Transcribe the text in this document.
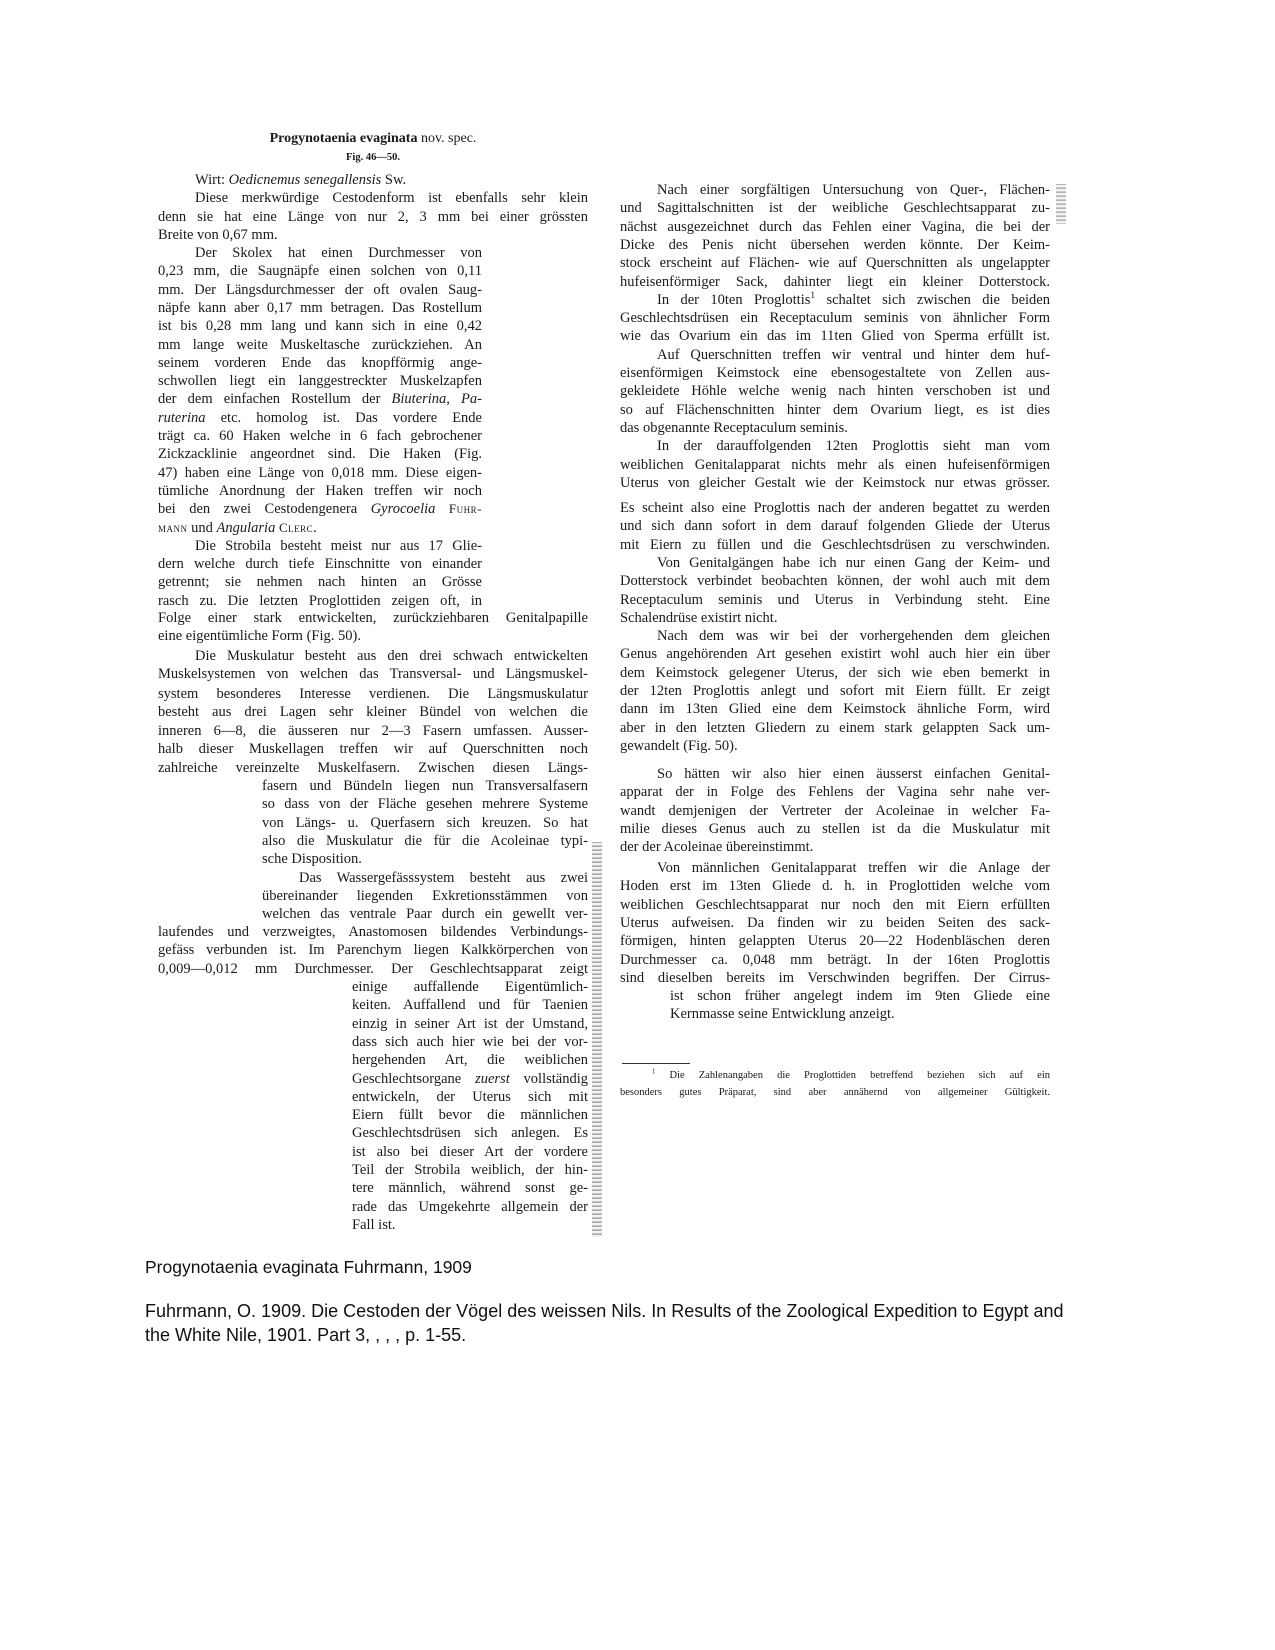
Progynotaenia evaginata nov. spec.
Fig. 46—50.
Wirt: Oedicnemus senegallensis Sw.
Diese merkwürdige Cestodenform ist ebenfalls sehr klein
denn sie hat eine Länge von nur 2, 3 mm bei einer grössten
Breite von 0,67 mm.
Der Skolex hat einen Durchmesser von
0,23 mm, die Saugnäpfe einen solchen von 0,11
mm. Der Längsdurchmesser der oft ovalen Saug-
näpfe kann aber 0,17 mm betragen. Das Rostellum
ist bis 0,28 mm lang und kann sich in eine 0,42
mm lange weite Muskeltasche zurückziehen. An
seinem vorderen Ende das knopfförmig ange-
schwollen liegt ein langgestreckter Muskelzapfen
der dem einfachen Rostellum der Biuterina, Pa-
ruterina etc. homolog ist. Das vordere Ende
trägt ca. 60 Haken welche in 6 fach gebrochener
Zickzacklinie angeordnet sind. Die Haken (Fig.
47) haben eine Länge von 0,018 mm. Diese eigen-
tümliche Anordnung der Haken treffen wir noch
bei den zwei Cestodengenera Gyrocoelia Fuhr-
mann und Angularia Clerc.
Die Strobila besteht meist nur aus 17 Glie-
dern welche durch tiefe Einschnitte von einander
getrennt; sie nehmen nach hinten an Grösse
rasch zu. Die letzten Proglottiden zeigen oft, in
Folge einer stark entwickelten, zurückziehbaren Genitalpapille
eine eigentümliche Form (Fig. 50).
Die Muskulatur besteht aus den drei schwach entwickelten
Muskelsystemen von welchen das Transversal- und Längsmuskel-
system besonderes Interesse verdienen. Die Längsmuskulatur
besteht aus drei Lagen sehr kleiner Bündel von welchen die
inneren 6—8, die äusseren nur 2—3 Fasern umfassen. Ausser-
halb dieser Muskellagen treffen wir auf Querschnitten noch
zahlreiche vereinzelte Muskelfasern. Zwischen diesen Längs-
fasern und Bündeln liegen nun Transversalfasern
so dass von der Fläche gesehen mehrere Systeme
von Längs- u. Querfasern sich kreuzen. So hat
also die Muskulatur die für die Acoleinae typi-
sche Disposition.
Das Wassergefässsystem besteht aus zwei
übereinander liegenden Exkretionsstämmen von
welchen das ventrale Paar durch ein gewellt ver-
laufendes und verzweigtes, Anastomosen bildendes Verbindungs-
gefäss verbunden ist. Im Parenchym liegen Kalkkörperchen von
0,009—0,012 mm Durchmesser. Der Geschlechtsapparat zeigt
einige auffallende Eigentümlich-
keiten. Auffallend und für Taenien
einzig in seiner Art ist der Umstand,
dass sich auch hier wie bei der vor-
hergehenden Art, die weiblichen
Geschlechtsorgane zuerst vollständig
entwickeln, der Uterus sich mit
Eiern füllt bevor die männlichen
Geschlechtsdrüsen sich anlegen. Es
ist also bei dieser Art der vordere
Teil der Strobila weiblich, der hin-
tere männlich, während sonst ge-
rade das Umgekehrte allgemein der
Fall ist.
Nach einer sorgfältigen Untersuchung von Quer-, Flächen-
und Sagittalschnitten ist der weibliche Geschlechtsapparat zu-
nächst ausgezeichnet durch das Fehlen einer Vagina, die bei der
Dicke des Penis nicht übersehen werden könnte. Der Keim-
stock erscheint auf Flächen- wie auf Querschnitten als ungelappter
hufeisenförmiger Sack, dahinter liegt ein kleiner Dotterstock.
In der 10ten Proglottis$^1$ schaltet sich zwischen die beiden
Geschlechtsdrüsen ein Receptaculum seminis von ähnlicher Form
wie das Ovarium ein das im 11ten Glied von Sperma erfüllt ist.
Auf Querschnitten treffen wir ventral und hinter dem huf-
eisenförmigen Keimstock eine ebensogestaltete von Zellen aus-
gekleidete Höhle welche wenig nach hinten verschoben ist und
so auf Flächenschnitten hinter dem Ovarium liegt, es ist dies
das obgenannte Receptaculum seminis.
In der darauffolgenden 12ten Proglottis sieht man vom
weiblichen Genitalapparat nichts mehr als einen hufeisenförmigen
Uterus von gleicher Gestalt wie der Keimstock nur etwas grösser.
Es scheint also eine Proglottis nach der anderen begattet zu werden
und sich dann sofort in dem darauf folgenden Gliede der Uterus
mit Eiern zu füllen und die Geschlechtsdrüsen zu verschwinden.
Von Genitalgängen habe ich nur einen Gang der Keim- und
Dotterstock verbindet beobachten können, der wohl auch mit dem
Receptaculum seminis und Uterus in Verbindung steht. Eine
Schalendrüse existirt nicht.
Nach dem was wir bei der vorhergehenden dem gleichen
Genus angehörenden Art gesehen existirt wohl auch hier ein über
dem Keimstock gelegener Uterus, der sich wie eben bemerkt in
der 12ten Proglottis anlegt und sofort mit Eiern füllt. Er zeigt
dann im 13ten Glied eine dem Keimstock ähnliche Form, wird
aber in den letzten Gliedern zu einem stark gelappten Sack um-
gewandelt (Fig. 50).
So hätten wir also hier einen äusserst einfachen Genital-
apparat der in Folge des Fehlens der Vagina sehr nahe ver-
wandt demjenigen der Vertreter der Acoleinae in welcher Fa-
milie dieses Genus auch zu stellen ist da die Muskulatur mit
der der Acoleinae übereinstimmt.
Von männlichen Genitalapparat treffen wir die Anlage der
Hoden erst im 13ten Gliede d. h. in Proglottiden welche vom
weiblichen Geschlechtsapparat nur noch den mit Eiern erfüllten
Uterus aufweisen. Da finden wir zu beiden Seiten des sack-
förmigen, hinten gelappten Uterus 20—22 Hodenbläschen deren
Durchmesser ca. 0,048 mm beträgt. In der 16ten Proglottis
sind dieselben bereits im Verschwinden begriffen. Der Cirrus-
ist schon früher angelegt indem im 9ten Gliede eine
Kernmasse seine Entwicklung anzeigt.
$^1$ Die Zahlenangaben die Proglottiden betreffend beziehen sich auf ein
besonders gutes Präparat, sind aber annähernd von allgemeiner Gültigkeit.
Progynotaenia evaginata Fuhrmann, 1909
Fuhrmann, O. 1909. Die Cestoden der Vögel des weissen Nils. In Results of the Zoological Expedition to Egypt and the White Nile, 1901. Part 3, , , , p. 1-55.
